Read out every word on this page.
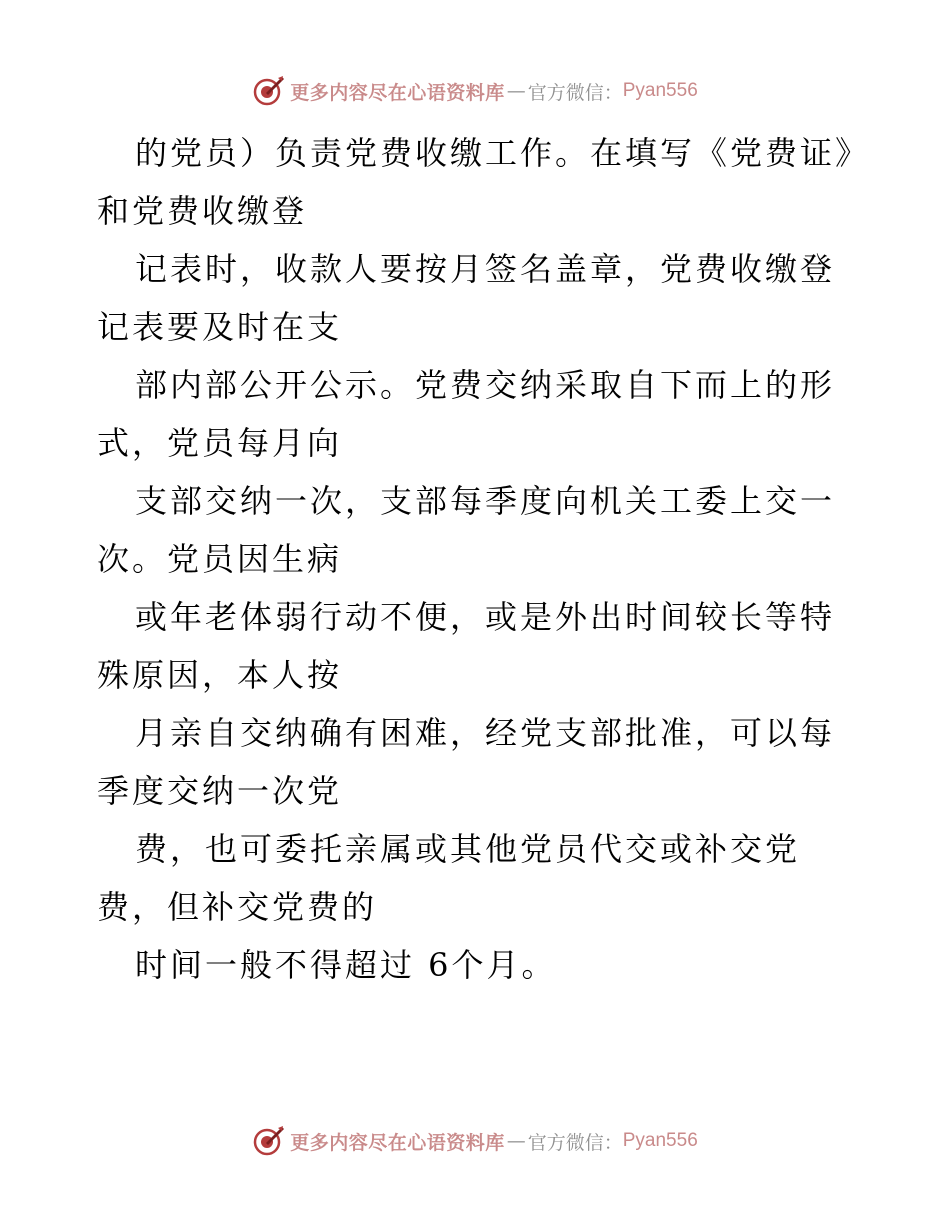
更多内容尽在心语资料库 — 官方微信： Pyan556

的党员）负责党费收缴工作。在填写《党费证》和党费收缴登

记表时，收款人要按月签名盖章，党费收缴登记表要及时在支

部内部公开公示。党费交纳采取自下而上的形式，党员每月向

支部交纳一次，支部每季度向机关工委上交一次。党员因生病

或年老体弱行动不便，或是外出时间较长等特殊原因，本人按

月亲自交纳确有困难，经党支部批准，可以每季度交纳一次党

费，也可委托亲属或其他党员代交或补交党费，但补交党费的

时间一般不得超过 6个月。

更多内容尽在心语资料库 — 官方微信： Pyan556
